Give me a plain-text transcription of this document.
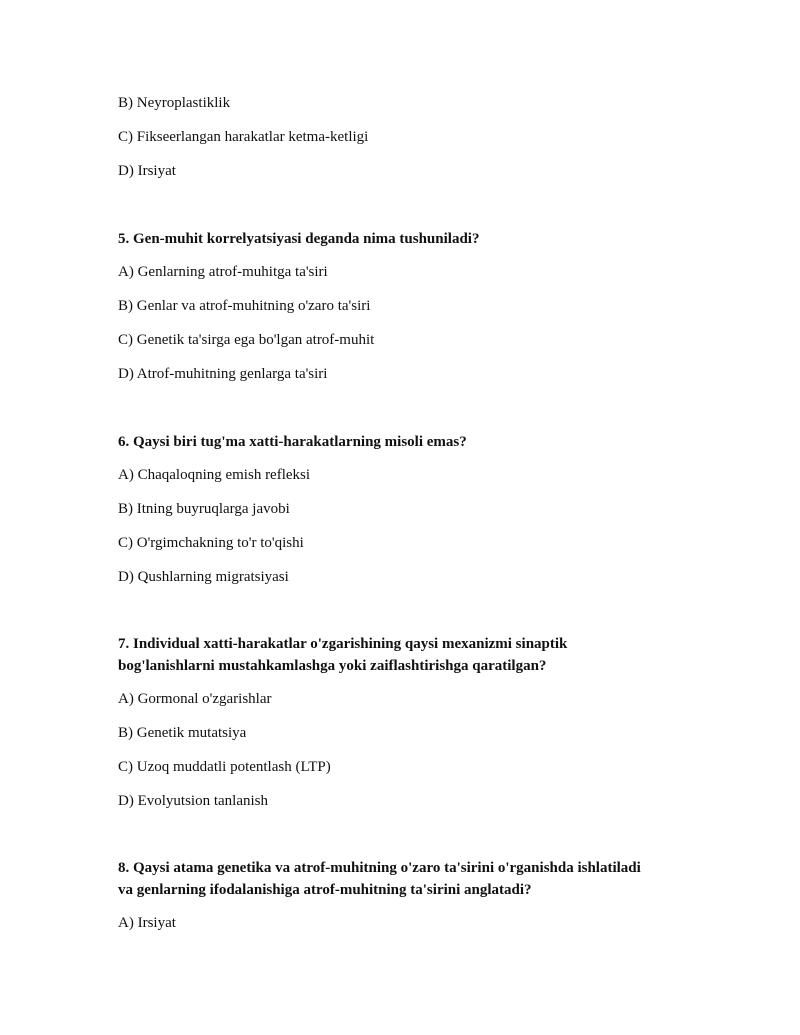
B) Neyroplastiklik
C) Fikseerlangan harakatlar ketma-ketligi
D) Irsiyat
5. Gen-muhit korrelyatsiyasi deganda nima tushuniladi?
A) Genlarning atrof-muhitga ta'siri
B) Genlar va atrof-muhitning o'zaro ta'siri
C) Genetik ta'sirga ega bo'lgan atrof-muhit
D) Atrof-muhitning genlarga ta'siri
6. Qaysi biri tug'ma xatti-harakatlarning misoli emas?
A) Chaqaloqning emish refleksi
B) Itning buyruqlarga javobi
C) O'rgimchakning to'r to'qishi
D) Qushlarning migratsiyasi
7. Individual xatti-harakatlar o'zgarishining qaysi mexanizmi sinaptik
bog'lanishlarni mustahkamlashga yoki zaiflashtirishga qaratilgan?
A) Gormonal o'zgarishlar
B) Genetik mutatsiya
C) Uzoq muddatli potentlash (LTP)
D) Evolyutsion tanlanish
8. Qaysi atama genetika va atrof-muhitning o'zaro ta'sirini o'rganishda ishlatiladi
va genlarning ifodalanishiga atrof-muhitning ta'sirini anglatadi?
A) Irsiyat
